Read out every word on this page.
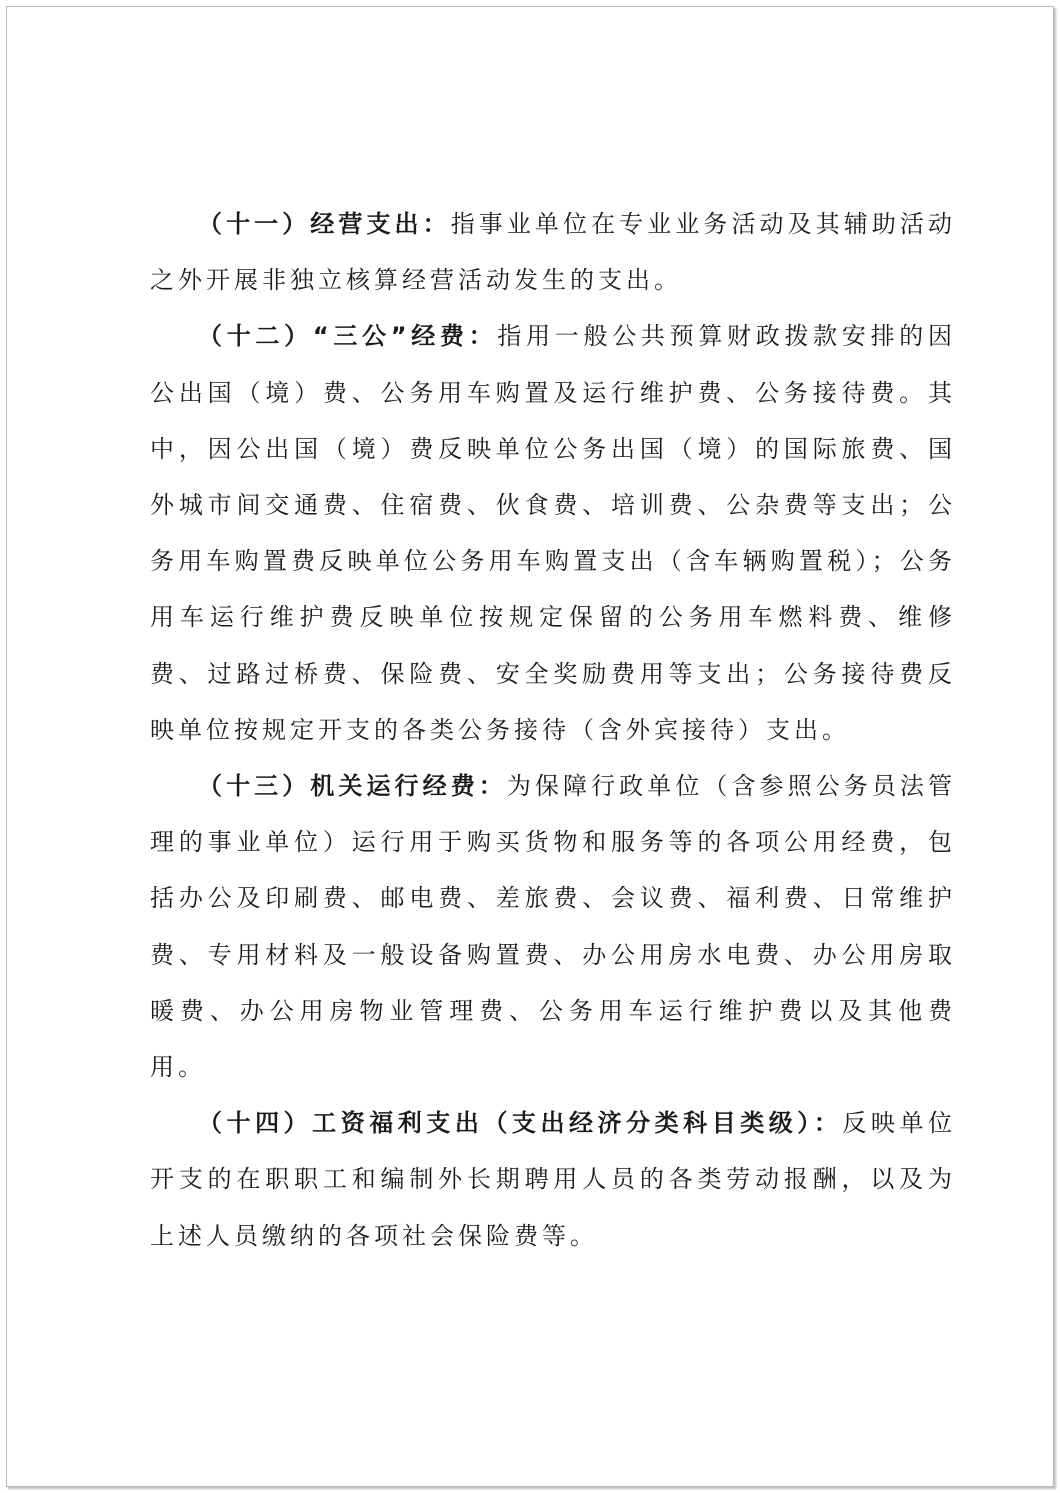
（十一）经营支出：指事业单位在专业业务活动及其辅助活动之外开展非独立核算经营活动发生的支出。

（十二）“三公”经费：指用一般公共预算财政拨款安排的因公出国（境）费、公务用车购置及运行维护费、公务接待费。其中，因公出国（境）费反映单位公务出国（境）的国际旅费、国外城市间交通费、住宿费、伙食费、培训费、公杂费等支出；公务用车购置费反映单位公务用车购置支出（含车辆购置税）；公务用车运行维护费反映单位按规定保留的公务用车燃料费、维修费、过路过桥费、保险费、安全奖励费用等支出；公务接待费反映单位按规定开支的各类公务接待（含外宾接待）支出。

（十三）机关运行经费：为保障行政单位（含参照公务员法管理的事业单位）运行用于购买货物和服务等的各项公用经费，包括办公及印刷费、邮电费、差旅费、会议费、福利费、日常维护 费、专用材料及一般设备购置费、办公用房水电费、办公用房取暖费、办公用房物业管理费、公务用车运行维护费以及其他费用。

（十四）工资福利支出（支出经济分类科目类级）：反映单位开支的在职职工和编制外长期聘用人员的各类劳动报酬，以及为上述人员缴纳的各项社会保险费等。
